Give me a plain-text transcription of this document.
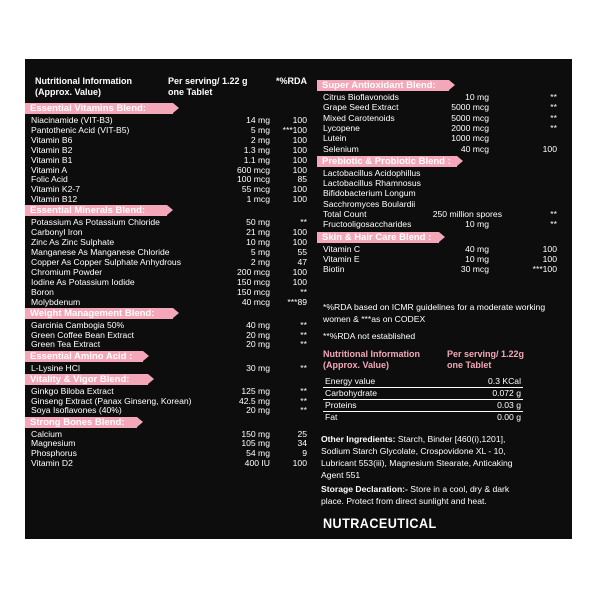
Nutritional Information
(Approx. Value)
Per serving/ 1.22 g
one Tablet
*%RDA
Essential Vitamins Blend:
Niacinamide (VIT-B3)	14 mg	100
Pantothenic Acid (VIT-B5)	5 mg ***100
Vitamin B6	2 mg	100
Vitamin B2	1.3 mg	100
Vitamin B1	1.1 mg	100
Vitamin A	600 mcg	100
Folic Acid	100 mcg	85
Vitamin K2-7	55 mcg	100
Vitamin B12	1 mcg	100
Essential Minerals Blend:
Potassium As Potassium Chloride	50 mg	**
Carbonyl Iron	21 mg	100
Zinc As Zinc Sulphate	10 mg	100
Manganese As Manganese Chloride	5 mg	55
Copper As Copper Sulphate Anhydrous	2 mg	47
Chromium Powder	200 mcg	100
Iodine As Potassium Iodide	150 mcg	100
Boron	150 mcg	**
Molybdenum	40 mcg ***89
Weight Management Blend:
Garcinia Cambogia 50%	40 mg	**
Green Coffee Bean Extract	20 mg	**
Green Tea Extract	20 mg	**
Essential Amino Acid :
L-Lysine HCl	30 mg	**
Vitality & Vigor Blend:
Ginkgo Biloba Extract	125 mg	**
Ginseng Extract (Panax Ginseng, Korean)	42.5 mg	**
Soya Isoflavones (40%)	20 mg	**
Strong Bones Blend:
Calcium	150 mg	25
Magnesium	105 mg	34
Phosphorus	54 mg	9
Vitamin D2	400 IU	100
Super Antioxidant Blend:
Citrus Bioflavonoids	10 mg	**
Grape Seed Extract	5000 mcg	**
Mixed Carotenoids	5000 mcg	**
Lycopene	2000 mcg	**
Lutein	1000 mcg
Selenium	40 mcg	100
Prebiotic & Probiotic Blend :
Lactobacillus Acidophillus
Lactobacillus Rhamnosus
Bifidobacterium Longum
Sacchromyces Boulardii
Total Count	250 million spores	**
Fructooligosaccharides	10 mg	**
Skin & Hair Care Blend :
Vitamin C	40 mg	100
Vitamin E	10 mg	100
Biotin	30 mcg	***100
*%RDA based on ICMR guidelines for a moderate working
women & ***as on CODEX
**%RDA not established
Nutritional Information
(Approx. Value)
Per serving/ 1.22g
one Tablet
Energy value	0.3 KCal
Carbohydrate	0.072 g
Proteins	0.03 g
Fat	0.00 g
Other Ingredients: Starch, Binder [460(i),1201],
Sodium Starch Glycolate, Crospovidone XL - 10,
Lubricant 553(iii), Magnesium Stearate, Anticaking
Agent 551
Storage Declaration:- Store in a cool, dry & dark
place. Protect from direct sunlight and heat.
NUTRACEUTICAL
